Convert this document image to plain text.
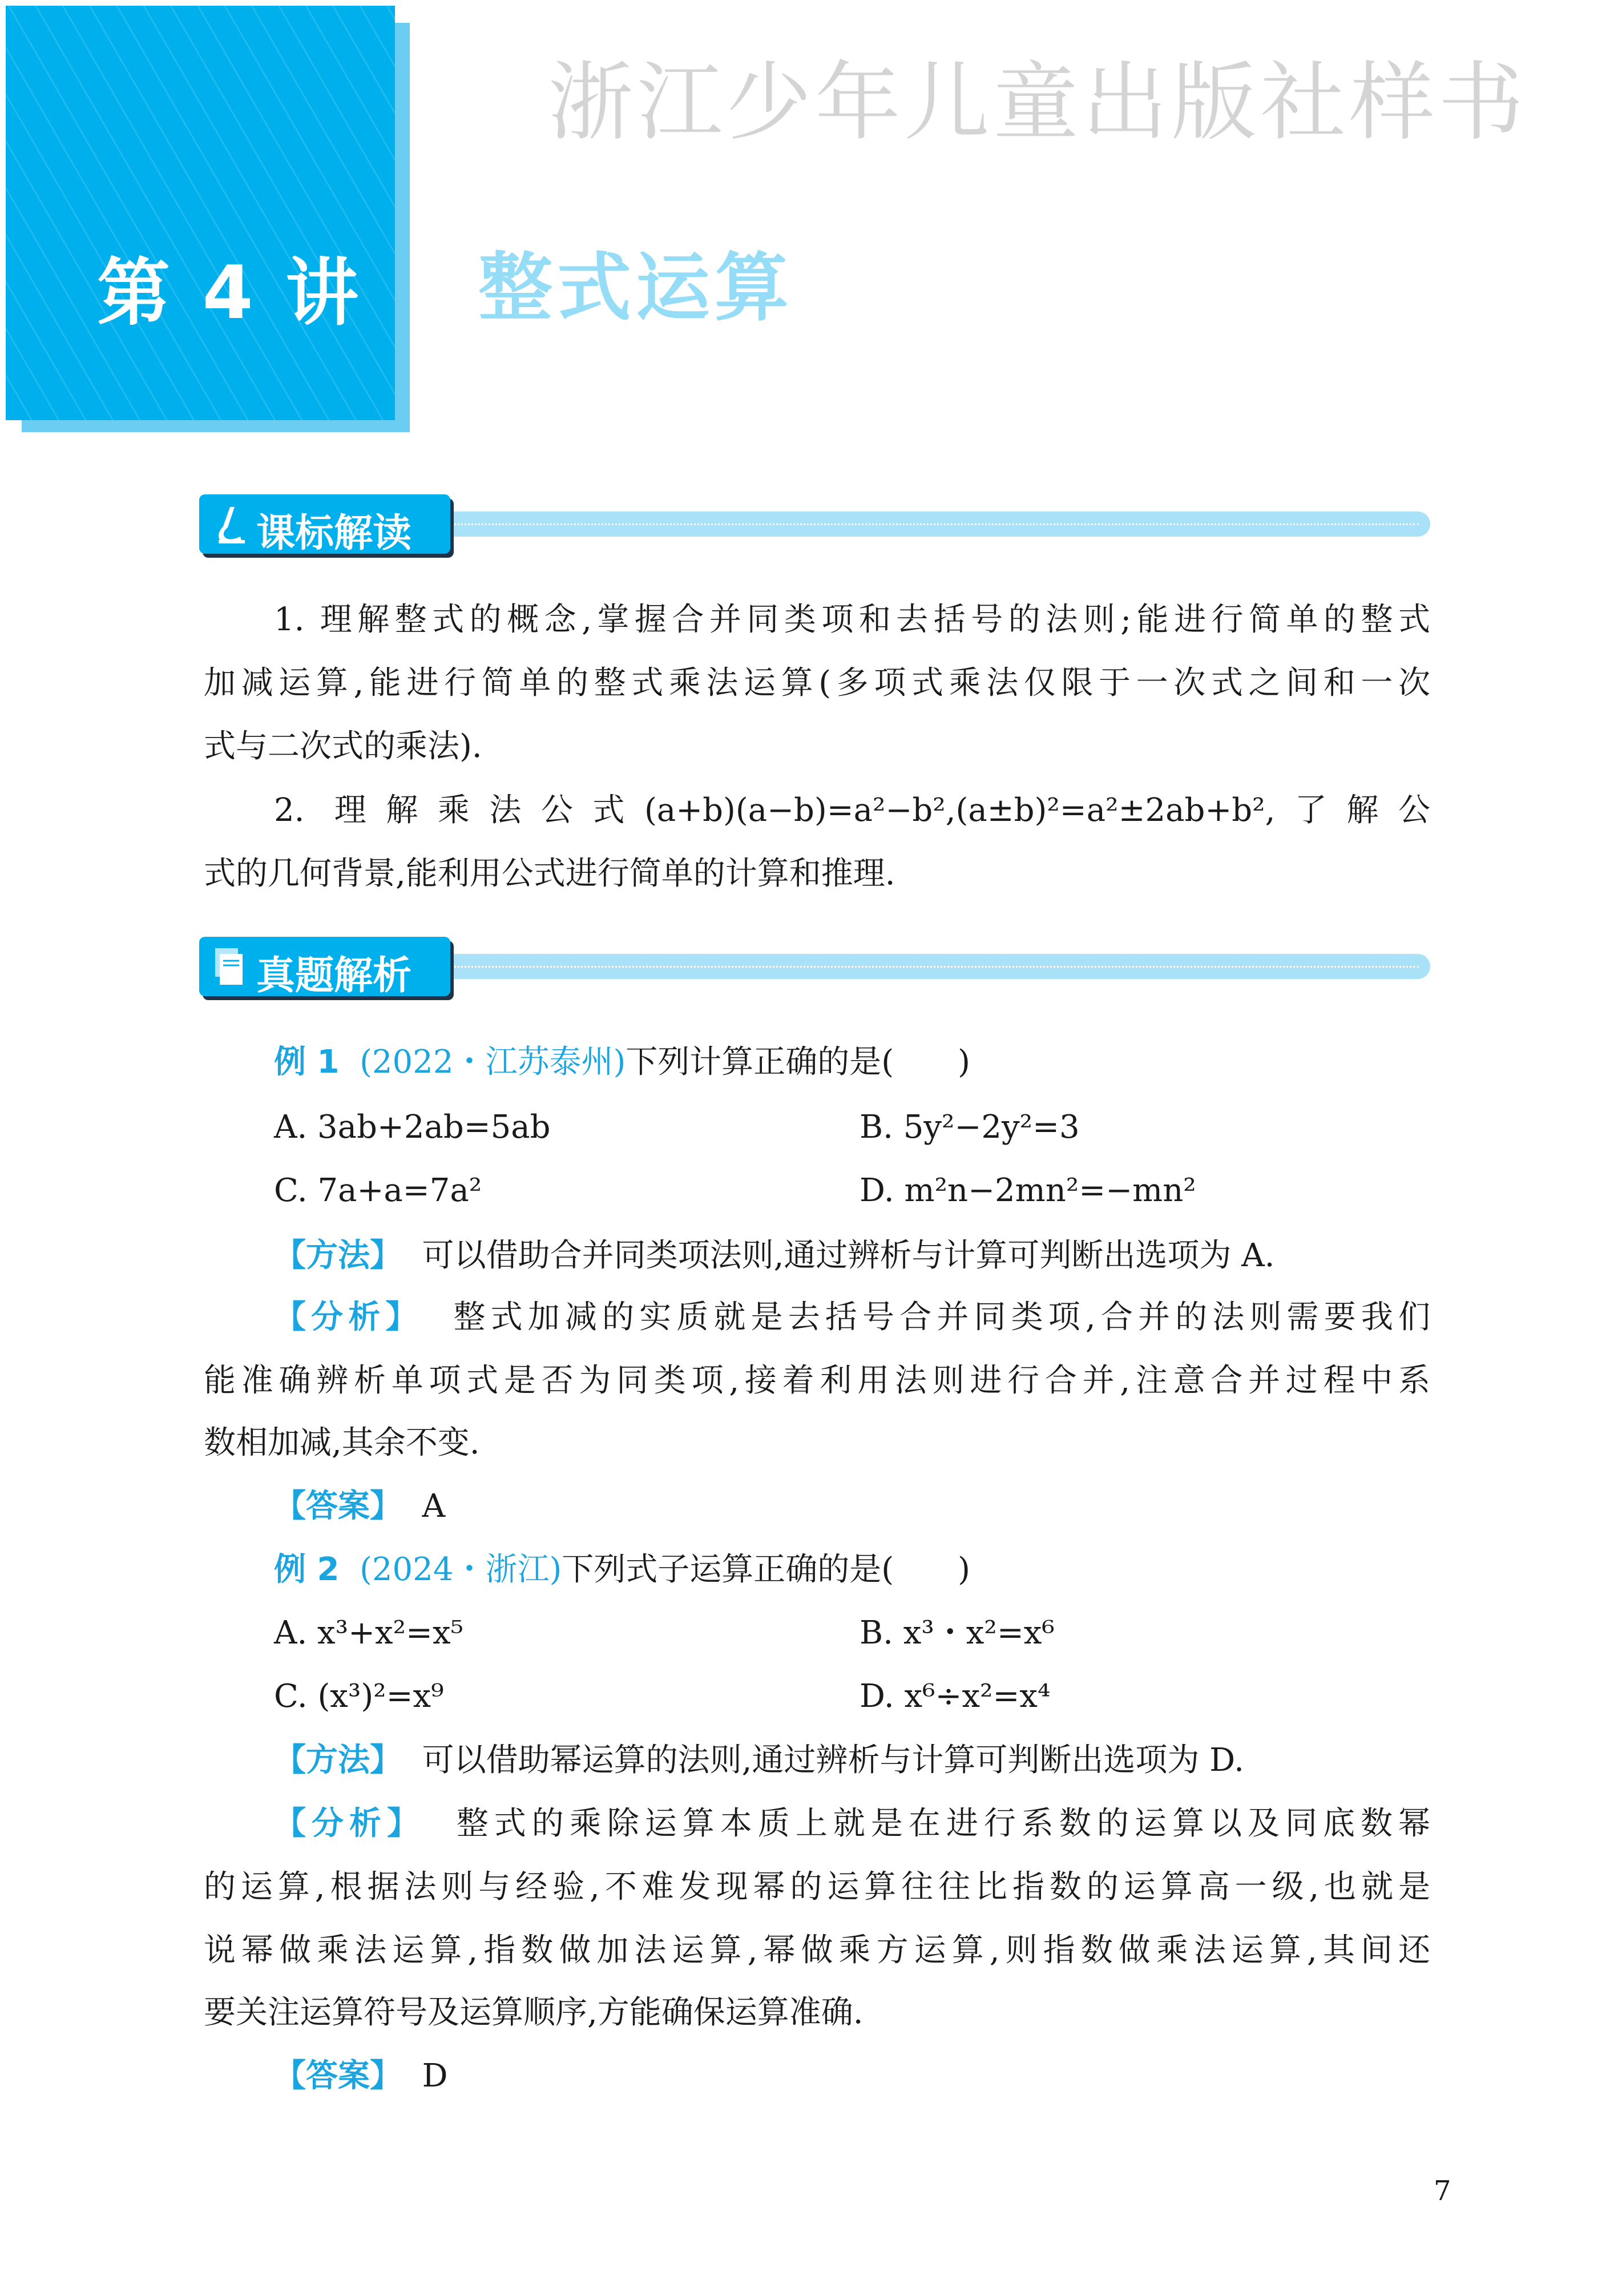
第 4 讲 整式运算
浙江少年儿童出版社样书
课标解读
1. 理解整式的概念,掌握合并同类项和去括号的法则;能进行简单的整式
加减运算,能进行简单的整式乘法运算(多项式乘法仅限于一次式之间和一次
式与二次式的乘法).
2. 理解乘法公式(a+b)(a−b)=a²−b²,(a±b)²=a²±2ab+b²,了解公
式的几何背景,能利用公式进行简单的计算和推理.
真题解析
例 1 (2022・江苏泰州)下列计算正确的是(　　)
A. 3ab+2ab=5ab	B. 5y²−2y²=3
C. 7a+a=7a²	D. m²n−2mn²=−mn²
【方法】 可以借助合并同类项法则,通过辨析与计算可判断出选项为 A.
【分析】 整式加减的实质就是去括号合并同类项,合并的法则需要我们
能准确辨析单项式是否为同类项,接着利用法则进行合并,注意合并过程中系
数相加减,其余不变.
【答案】 A
例 2 (2024・浙江)下列式子运算正确的是(　　)
A. x³+x²=x⁵	B. x³・x²=x⁶
C. (x³)²=x⁹	D. x⁶÷x²=x⁴
【方法】 可以借助幂运算的法则,通过辨析与计算可判断出选项为 D.
【分析】 整式的乘除运算本质上就是在进行系数的运算以及同底数幂
的运算,根据法则与经验,不难发现幂的运算往往比指数的运算高一级,也就是
说幂做乘法运算,指数做加法运算,幂做乘方运算,则指数做乘法运算,其间还
要关注运算符号及运算顺序,方能确保运算准确.
【答案】 D
7
